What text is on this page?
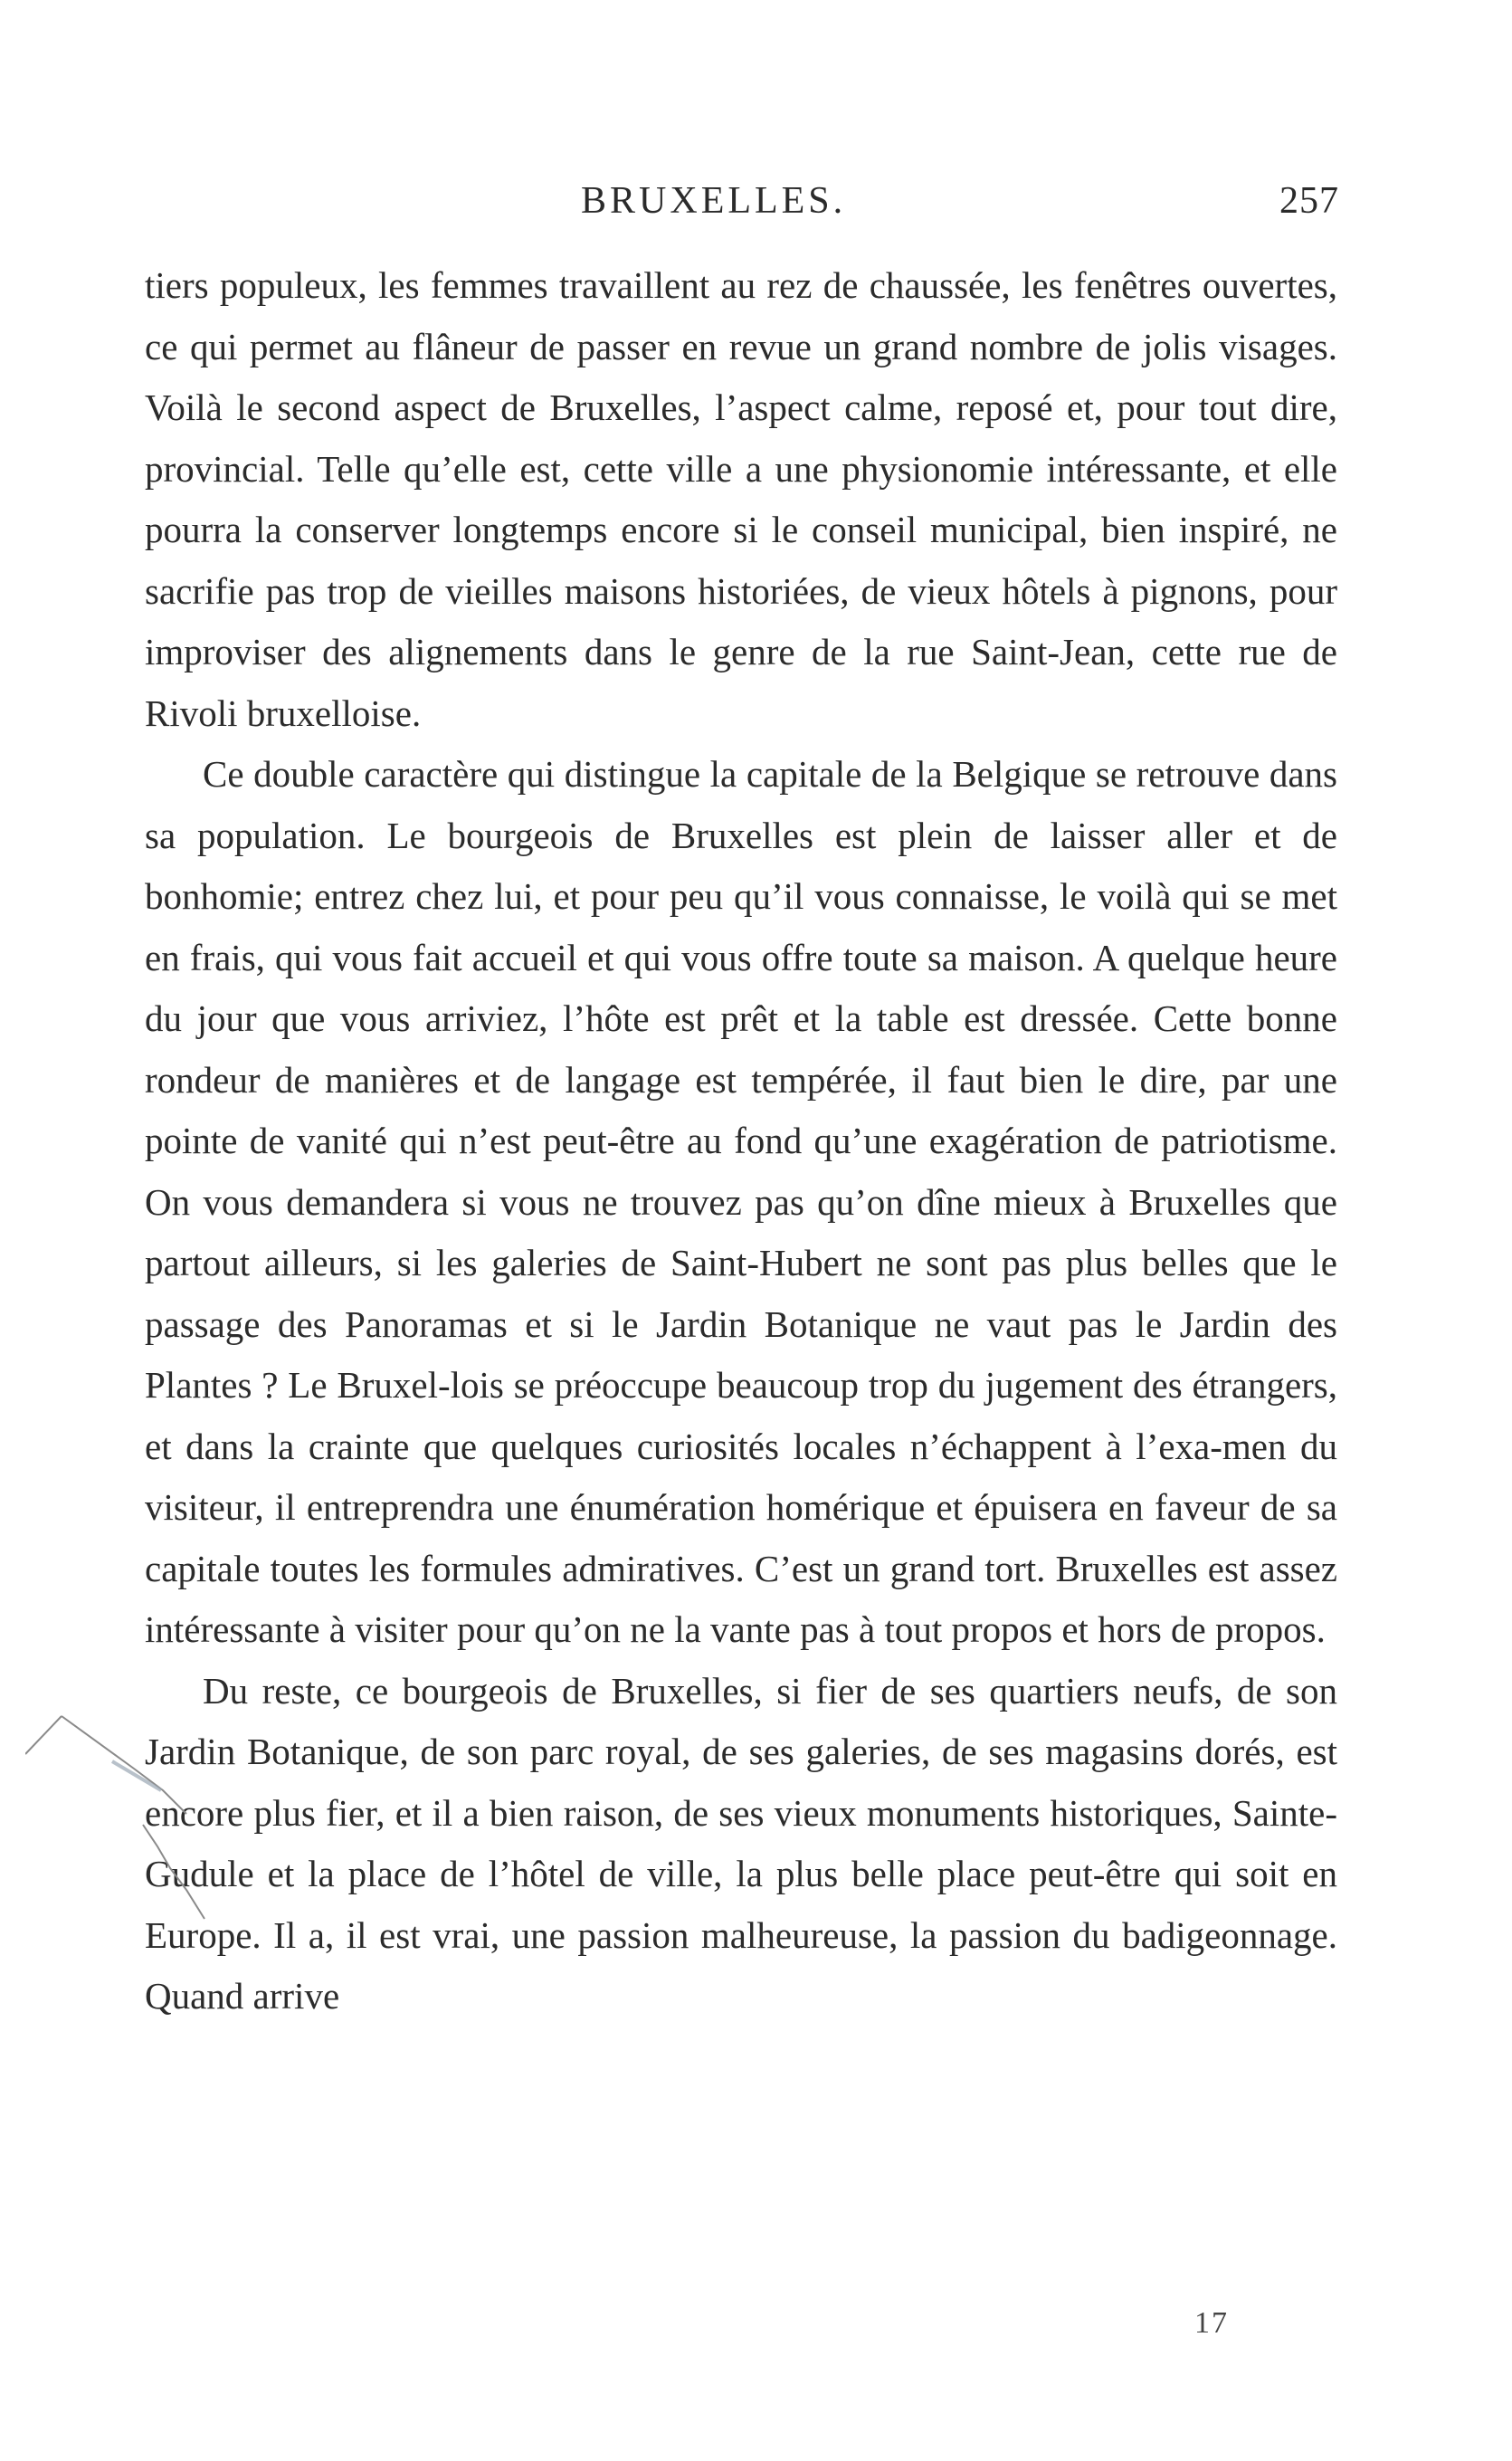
BRUXELLES.	257

tiers populeux, les femmes travaillent au rez de chaussée, les fenêtres ouvertes, ce qui permet au flâneur de passer en revue un grand nombre de jolis visages. Voilà le second aspect de Bruxelles, l’aspect calme, reposé et, pour tout dire, provincial. Telle qu’elle est, cette ville a une physionomie intéressante, et elle pourra la conserver longtemps encore si le conseil municipal, bien inspiré, ne sacrifie pas trop de vieilles maisons historiées, de vieux hôtels à pignons, pour improviser des alignements dans le genre de la rue Saint-Jean, cette rue de Rivoli bruxelloise.

Ce double caractère qui distingue la capitale de la Belgique se retrouve dans sa population. Le bourgeois de Bruxelles est plein de laisser aller et de bonhomie; entrez chez lui, et pour peu qu’il vous connaisse, le voilà qui se met en frais, qui vous fait accueil et qui vous offre toute sa maison. A quelque heure du jour que vous arriviez, l’hôte est prêt et la table est dressée. Cette bonne rondeur de manières et de langage est tempérée, il faut bien le dire, par une pointe de vanité qui n’est peut-être au fond qu’une exagération de patriotisme. On vous demandera si vous ne trouvez pas qu’on dîne mieux à Bruxelles que partout ailleurs, si les galeries de Saint-Hubert ne sont pas plus belles que le passage des Panoramas et si le Jardin Botanique ne vaut pas le Jardin des Plantes ? Le Bruxel-lois se préoccupe beaucoup trop du jugement des étrangers, et dans la crainte que quelques curiosités locales n’échappent à l’exa-men du visiteur, il entreprendra une énumération homérique et épuisera en faveur de sa capitale toutes les formules admiratives. C’est un grand tort. Bruxelles est assez intéressante à visiter pour qu’on ne la vante pas à tout propos et hors de propos.

Du reste, ce bourgeois de Bruxelles, si fier de ses quartiers neufs, de son Jardin Botanique, de son parc royal, de ses galeries, de ses magasins dorés, est encore plus fier, et il a bien raison, de ses vieux monuments historiques, Sainte-Gudule et la place de l’hôtel de ville, la plus belle place peut-être qui soit en Europe. Il a, il est vrai, une passion malheureuse, la passion du badigeonnage. Quand arrive

17
